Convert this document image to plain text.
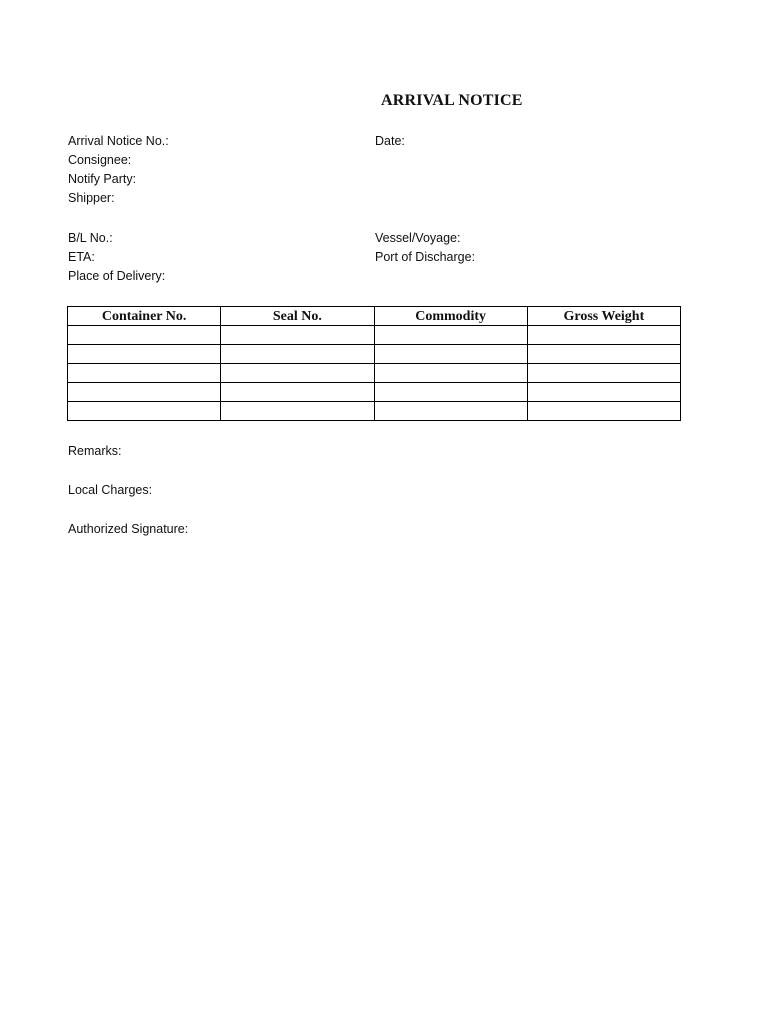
ARRIVAL NOTICE
Arrival Notice No.:	Date:
Consignee:
Notify Party:
Shipper:
B/L No.:	Vessel/Voyage:
ETA:	Port of Discharge:
Place of Delivery:
Container No.	Seal No.	Commodity	Gross Weight

Remarks:
Local Charges:
Authorized Signature:
